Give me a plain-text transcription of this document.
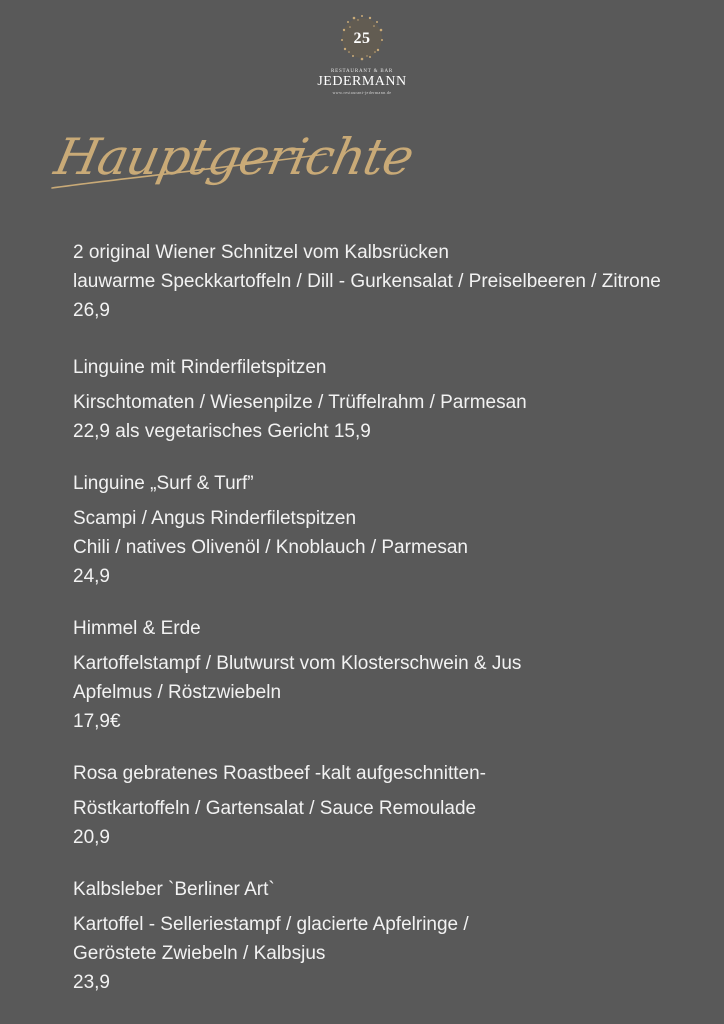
25
RESTAURANT & BAR
JEDERMANN
www.restaurant-jedermann.de
Hauptgerichte
2 original Wiener Schnitzel vom Kalbsrücken
lauwarme Speckkartoffeln / Dill - Gurkensalat / Preiselbeeren / Zitrone
26,9
Linguine mit Rinderfiletspitzen
Kirschtomaten / Wiesenpilze / Trüffelrahm / Parmesan
22,9 als vegetarisches Gericht 15,9
Linguine „Surf & Turf”
Scampi / Angus Rinderfiletspitzen
Chili / natives Olivenöl / Knoblauch / Parmesan
24,9
Himmel & Erde
Kartoffelstampf / Blutwurst vom Klosterschwein & Jus
Apfelmus / Röstzwiebeln
17,9€
Rosa gebratenes Roastbeef -kalt aufgeschnitten-
Röstkartoffeln / Gartensalat / Sauce Remoulade
20,9
Kalbsleber `Berliner Art`
Kartoffel - Selleriestampf / glacierte Apfelringe /
Geröstete Zwiebeln / Kalbsjus
23,9
